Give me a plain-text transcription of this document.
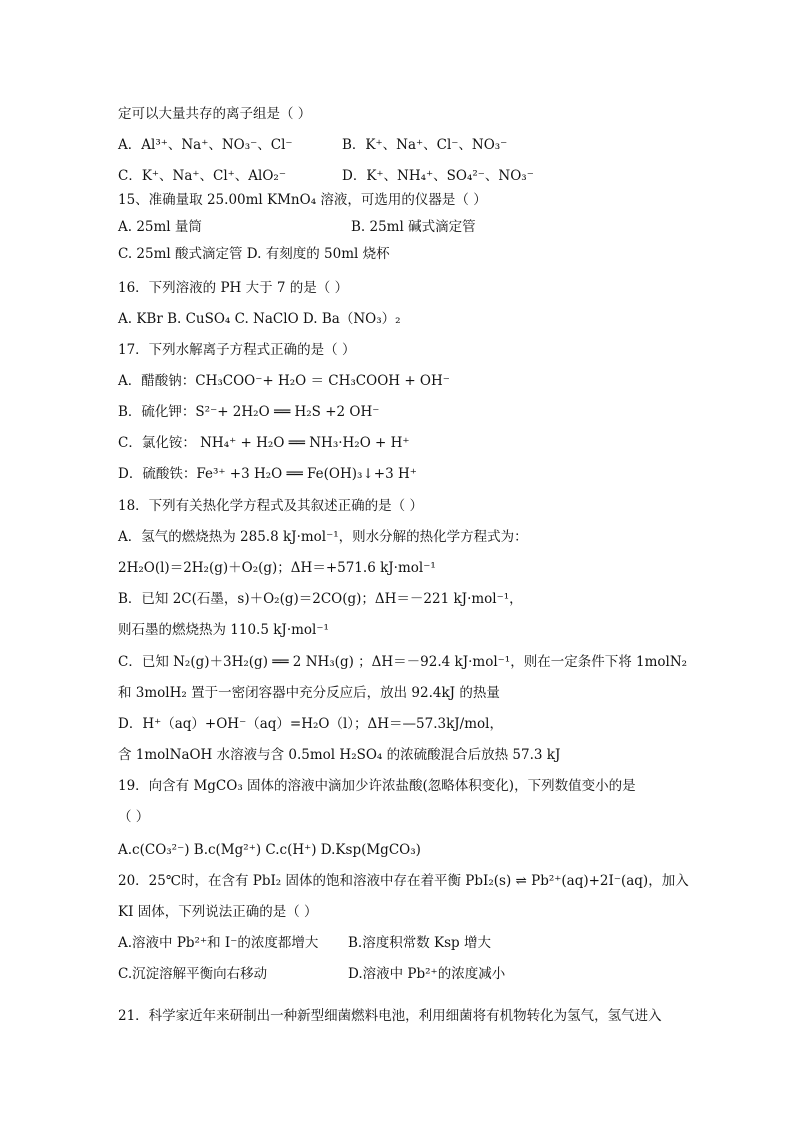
定可以大量共存的离子组是（ ）
A．Al³⁺、Na⁺、NO₃⁻、Cl⁻	B．K⁺、Na⁺、Cl⁻、NO₃⁻
C．K⁺、Na⁺、Cl⁺、AlO₂⁻	D．K⁺、NH₄⁺、SO₄²⁻、NO₃⁻
15、准确量取 25.00ml KMnO₄ 溶液，可选用的仪器是（ ）
A. 25ml 量筒	B. 25ml 碱式滴定管
C. 25ml 酸式滴定管 D. 有刻度的 50ml 烧杯
16．下列溶液的 PH 大于 7 的是（ ）
A. KBr B. CuSO₄ C. NaClO D. Ba（NO₃）₂
17．下列水解离子方程式正确的是（ ）
A．醋酸钠：CH₃COO⁻+ H₂O ＝ CH₃COOH + OH⁻
B．硫化钾：S²⁻+ 2H₂O ══ H₂S +2 OH⁻
C．氯化铵： NH₄⁺ + H₂O ══ NH₃·H₂O + H⁺
D．硫酸铁：Fe³⁺ +3 H₂O ══ Fe(OH)₃↓+3 H⁺
18．下列有关热化学方程式及其叙述正确的是（ ）
A．氢气的燃烧热为 285.8 kJ·mol⁻¹，则水分解的热化学方程式为：
2H₂O(l)＝2H₂(g)＋O₂(g)；ΔH＝+571.6 kJ·mol⁻¹
B．已知 2C(石墨，s)＋O₂(g)＝2CO(g)；ΔH＝－221 kJ·mol⁻¹，
则石墨的燃烧热为 110.5 kJ·mol⁻¹
C．已知 N₂(g)＋3H₂(g) ══ 2 NH₃(g) ；ΔH＝－92.4 kJ·mol⁻¹，则在一定条件下将 1molN₂
和 3molH₂ 置于一密闭容器中充分反应后，放出 92.4kJ 的热量
D．H⁺（aq）+OH⁻（aq）=H₂O（l）；ΔH＝—57.3kJ/mol，
含 1molNaOH 水溶液与含 0.5mol H₂SO₄ 的浓硫酸混合后放热 57.3 kJ
19．向含有 MgCO₃ 固体的溶液中滴加少许浓盐酸(忽略体积变化)，下列数值变小的是
（ ）
A.c(CO₃²⁻) B.c(Mg²⁺) C.c(H⁺) D.Ksp(MgCO₃)
20．25℃时，在含有 PbI₂ 固体的饱和溶液中存在着平衡 PbI₂(s) ⇌ Pb²⁺(aq)+2I⁻(aq)，加入
KI 固体，下列说法正确的是（ ）
A.溶液中 Pb²⁺和 I⁻的浓度都增大 B.溶度积常数 Ksp 增大
C.沉淀溶解平衡向右移动	D.溶液中 Pb²⁺的浓度减小
21．科学家近年来研制出一种新型细菌燃料电池，利用细菌将有机物转化为氢气，氢气进入
